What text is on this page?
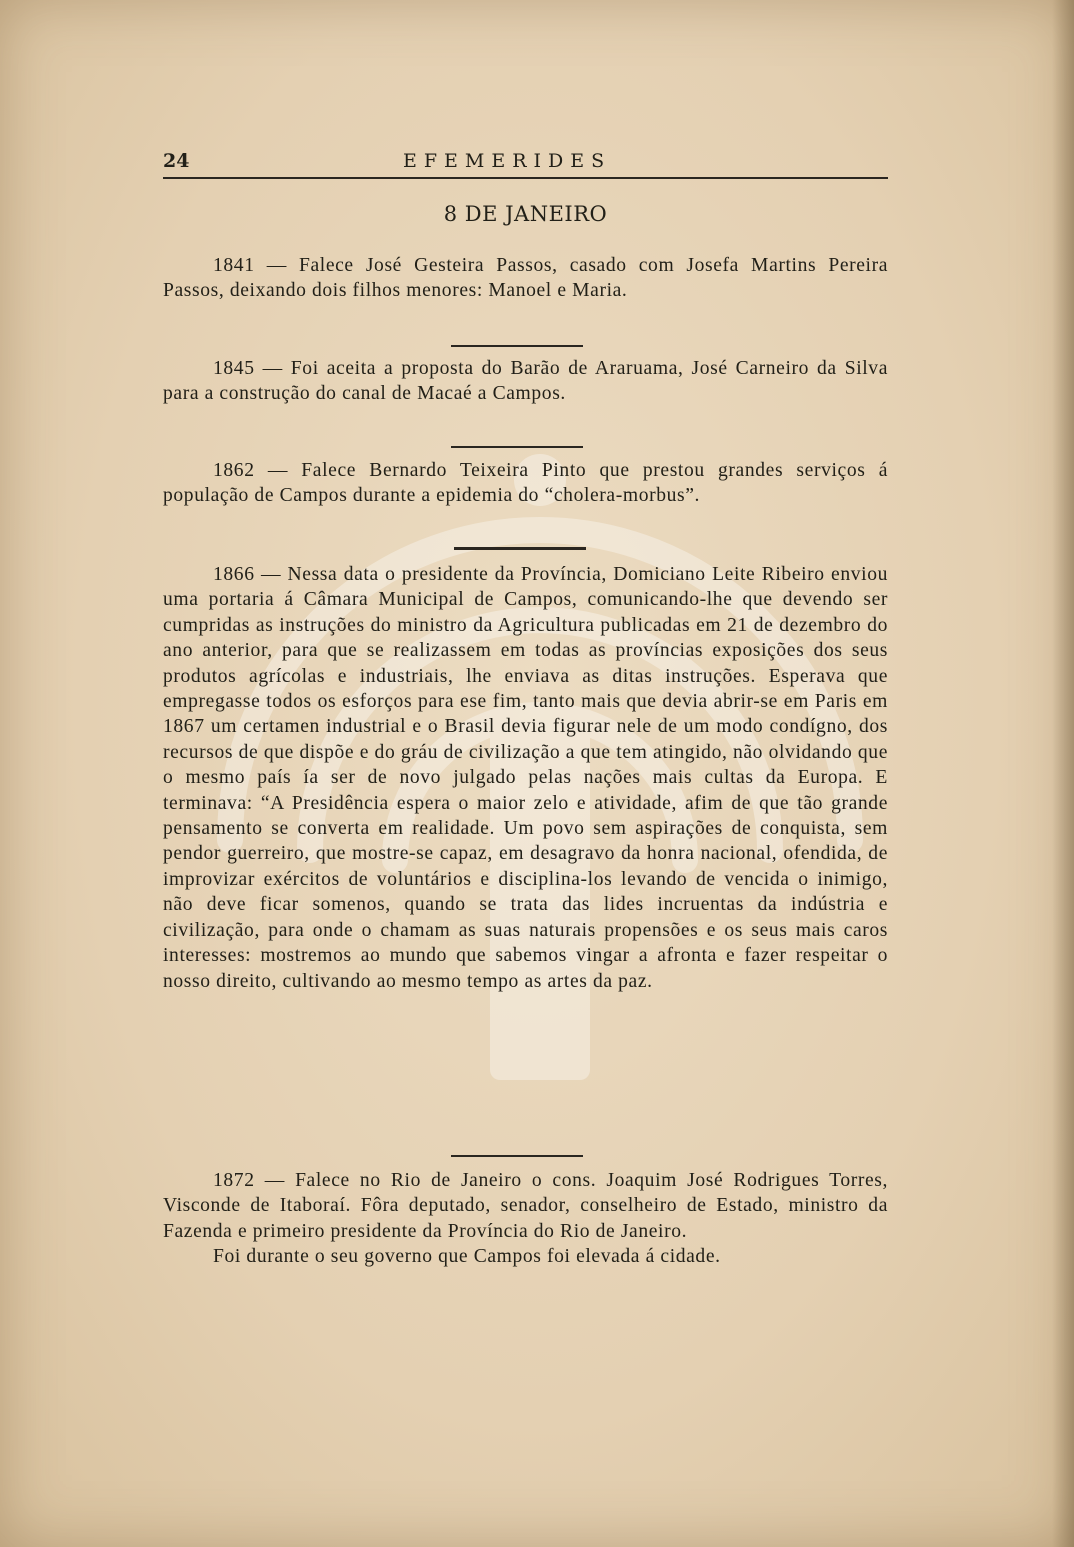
24	EFEMERIDES
8 DE JANEIRO

1841 — Falece José Gesteira Passos, casado com Josefa Martins Pereira Passos, deixando dois filhos menores: Manoel e Maria.

1845 — Foi aceita a proposta do Barão de Araruama, José Carneiro da Silva para a construção do canal de Macaé a Campos.

1862 — Falece Bernardo Teixeira Pinto que prestou grandes serviços á população de Campos durante a epidemia do “cholera-morbus”.

1866 — Nessa data o presidente da Província, Domiciano Leite Ribeiro enviou uma portaria á Câmara Municipal de Campos, comunicando-lhe que devendo ser cumpridas as instruções do ministro da Agricultura publicadas em 21 de dezembro do ano anterior, para que se realizassem em todas as províncias exposições dos seus produtos agrícolas e industriais, lhe enviava as ditas instruções. Esperava que empregasse todos os esforços para ese fim, tanto mais que devia abrir-se em Paris em 1867 um certamen industrial e o Brasil devia figurar nele de um modo condígno, dos recursos de que dispõe e do gráu de civilização a que tem atingido, não olvidando que o mesmo país ía ser de novo julgado pelas nações mais cultas da Europa. E terminava: “A Presidência espera o maior zelo e atividade, afim de que tão grande pensamento se converta em realidade. Um povo sem aspirações de conquista, sem pendor guerreiro, que mostre-se capaz, em desagravo da honra nacional, ofendida, de improvizar exércitos de voluntários e disciplina-los levando de vencida o inimigo, não deve ficar somenos, quando se trata das lides incruentas da indústria e civilização, para onde o chamam as suas naturais propensões e os seus mais caros interesses: mostremos ao mundo que sabemos vingar a afronta e fazer respeitar o nosso direito, cultivando ao mesmo tempo as artes da paz.

1872 — Falece no Rio de Janeiro o cons. Joaquim José Rodrigues Torres, Visconde de Itaboraí. Fôra deputado, senador, conselheiro de Estado, ministro da Fazenda e primeiro presidente da Província do Rio de Janeiro.

Foi durante o seu governo que Campos foi elevada á cidade.
